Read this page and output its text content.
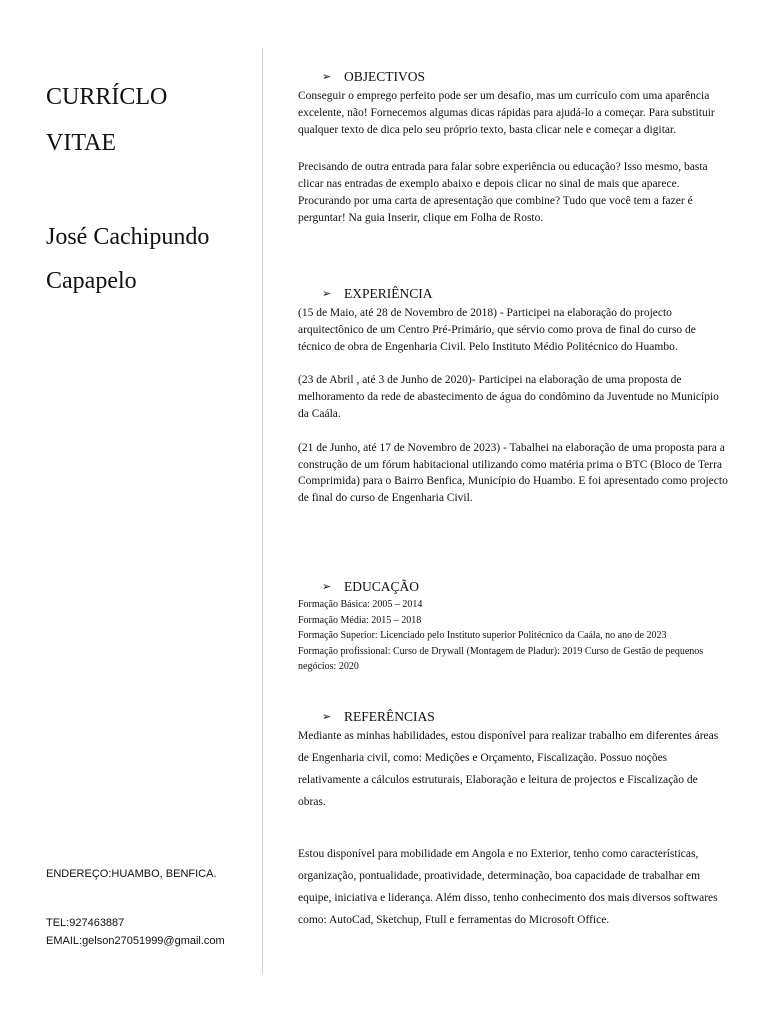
CURRÍCLO
VITAE
José Cachipundo
Capapelo
ENDEREÇO:HUAMBO, BENFICA.
TEL:927463887
EMAIL:gelson27051999@gmail.com
➢ OBJECTIVOS

Conseguir o emprego perfeito pode ser um desafio, mas um currículo com uma aparência excelente, não! Fornecemos algumas dicas rápidas para ajudá-lo a começar. Para substituir qualquer texto de dica pelo seu próprio texto, basta clicar nele e começar a digitar.

Precisando de outra entrada para falar sobre experiência ou educação? Isso mesmo, basta clicar nas entradas de exemplo abaixo e depois clicar no sinal de mais que aparece. Procurando por uma carta de apresentação que combine? Tudo que você tem a fazer é perguntar! Na guia Inserir, clique em Folha de Rosto.

➢ EXPERIÊNCIA

(15 de Maio, até 28 de Novembro de 2018) - Participei na elaboração do projecto arquitectônico de um Centro Pré-Primário, que sérvio como prova de final do curso de técnico de obra de Engenharia Civil. Pelo Instituto Médio Politécnico do Huambo.

(23 de Abril , até 3 de Junho de 2020)- Participei na elaboração de uma proposta de melhoramento da rede de abastecimento de água do condômino da Juventude no Município da Caála.

(21 de Junho, até 17 de Novembro de 2023) - Tabalhei na elaboração de uma proposta para a construção de um fórum habitacional utilizando como matéria prima o BTC (Bloco de Terra Comprimida) para o Bairro Benfica, Município do Huambo. E foi apresentado como projecto de final do curso de Engenharia Civil.

➢ EDUCAÇÃO

Formação Básica: 2005 – 2014

Formação Média: 2015 – 2018

Formação Superior: Licenciado pelo Instituto superior Politécnico da Caála, no ano de 2023

Formação profissional: Curso de Drywall (Montagem de Pladur): 2019 Curso de Gestão de pequenos negócios: 2020

➢ REFERÊNCIAS

Mediante as minhas habilidades, estou disponível para realizar trabalho em diferentes áreas de Engenharia civil, como: Medições e Orçamento, Fiscalização. Possuo noções relativamente a cálculos estruturais, Elaboração e leitura de projectos e Fiscalização de obras.

Estou disponível para mobilidade em Angola e no Exterior, tenho como características, organização, pontualidade, proatividade, determinação, boa capacidade de trabalhar em equipe, iniciativa e liderança. Além disso, tenho conhecimento dos mais diversos softwares como: AutoCad, Sketchup, Ftull e ferramentas do Microsoft Office.
